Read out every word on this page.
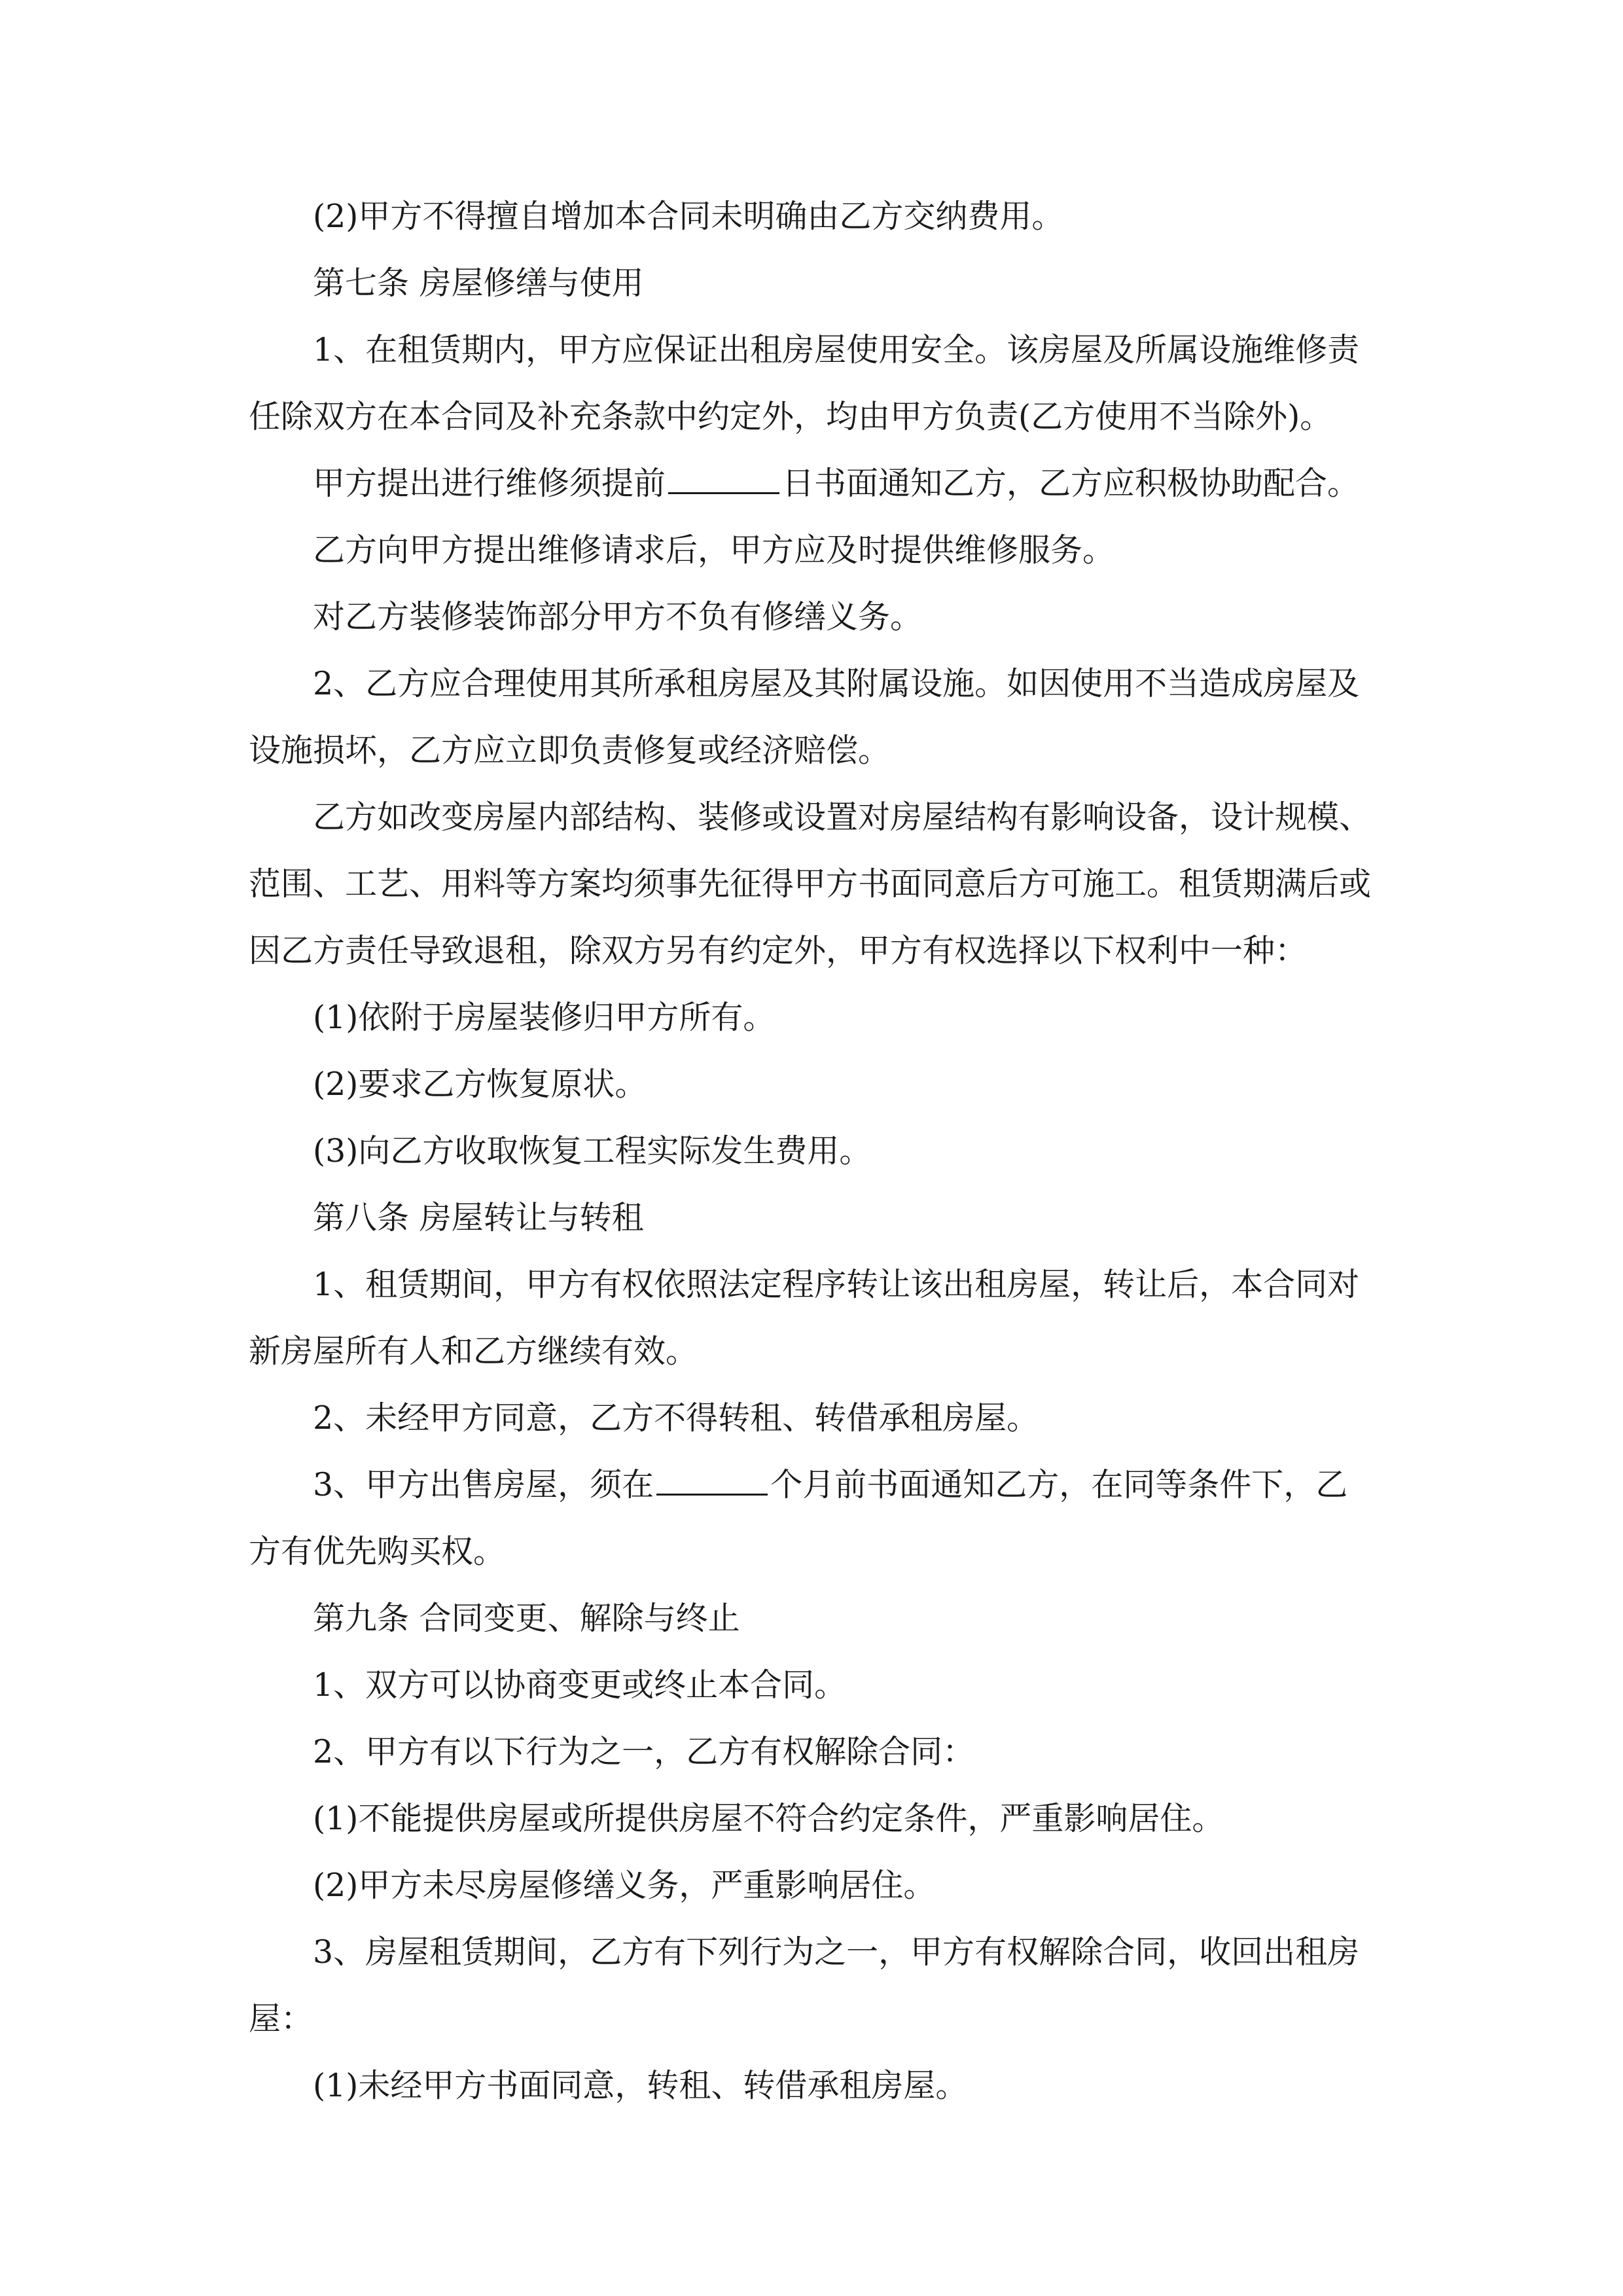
(2)甲方不得擅自增加本合同未明确由乙方交纳费用。

第七条 房屋修缮与使用

1、在租赁期内，甲方应保证出租房屋使用安全。该房屋及所属设施维修责任除双方在本合同及补充条款中约定外，均由甲方负责(乙方使用不当除外)。

甲方提出进行维修须提前	日书面通知乙方，乙方应积极协助配合。

乙方向甲方提出维修请求后，甲方应及时提供维修服务。

对乙方装修装饰部分甲方不负有修缮义务。

2、乙方应合理使用其所承租房屋及其附属设施。如因使用不当造成房屋及设施损坏，乙方应立即负责修复或经济赔偿。

乙方如改变房屋内部结构、装修或设置对房屋结构有影响设备，设计规模、范围、工艺、用料等方案均须事先征得甲方书面同意后方可施工。租赁期满后或因乙方责任导致退租，除双方另有约定外，甲方有权选择以下权利中一种：

(1)依附于房屋装修归甲方所有。

(2)要求乙方恢复原状。

(3)向乙方收取恢复工程实际发生费用。

第八条 房屋转让与转租

1、租赁期间，甲方有权依照法定程序转让该出租房屋，转让后，本合同对新房屋所有人和乙方继续有效。

2、未经甲方同意，乙方不得转租、转借承租房屋。

3、甲方出售房屋，须在	个月前书面通知乙方，在同等条件下，乙方有优先购买权。

第九条 合同变更、解除与终止

1、双方可以协商变更或终止本合同。

2、甲方有以下行为之一，乙方有权解除合同：

(1)不能提供房屋或所提供房屋不符合约定条件，严重影响居住。

(2)甲方未尽房屋修缮义务，严重影响居住。

3、房屋租赁期间，乙方有下列行为之一，甲方有权解除合同，收回出租房屋：

(1)未经甲方书面同意，转租、转借承租房屋。
